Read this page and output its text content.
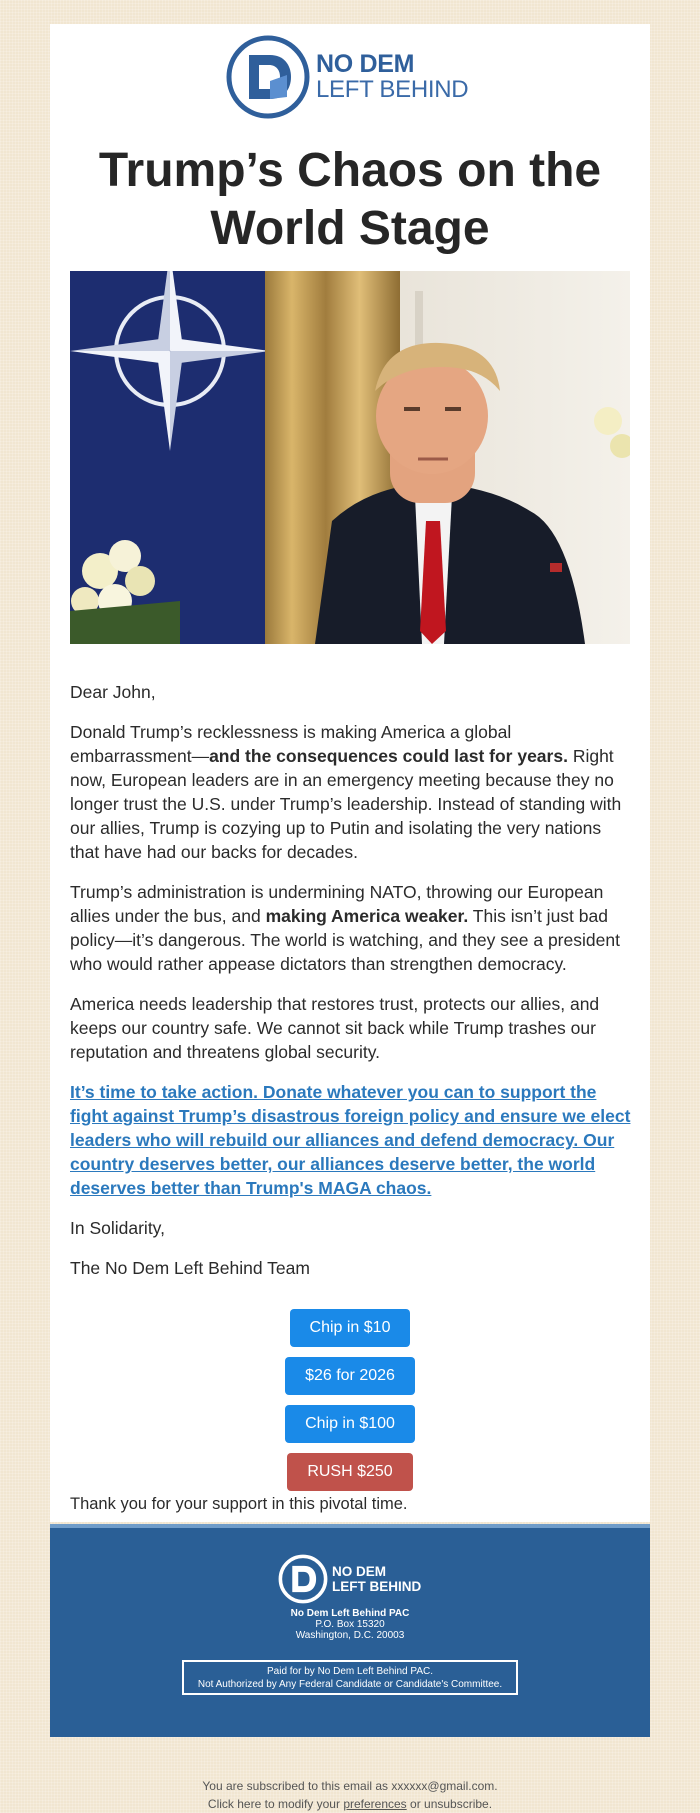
NO DEM
LEFT BEHIND
Trump’s Chaos on the World Stage

Dear John,

Donald Trump’s recklessness is making America a global embarrassment—and the consequences could last for years. Right now, European leaders are in an emergency meeting because they no longer trust the U.S. under Trump’s leadership. Instead of standing with our allies, Trump is cozying up to Putin and isolating the very nations that have had our backs for decades.

Trump’s administration is undermining NATO, throwing our European allies under the bus, and making America weaker. This isn’t just bad policy—it’s dangerous. The world is watching, and they see a president who would rather appease dictators than strengthen democracy.

America needs leadership that restores trust, protects our allies, and keeps our country safe. We cannot sit back while Trump trashes our reputation and threatens global security.

It’s time to take action. Donate whatever you can to support the fight against Trump’s disastrous foreign policy and ensure we elect leaders who will rebuild our alliances and defend democracy. Our country deserves better, our alliances deserve better, the world deserves better than Trump's MAGA chaos.

In Solidarity,

The No Dem Left Behind Team

Chip in $10
$26 for 2026
Chip in $100
RUSH $250
Thank you for your support in this pivotal time.
NO DEM
LEFT BEHIND
No Dem Left Behind PAC
P.O. Box 15320
Washington, D.C. 20003
Paid for by No Dem Left Behind PAC.
Not Authorized by Any Federal Candidate or Candidate's Committee.
You are subscribed to this email as xxxxxx@gmail.com.
Click here to modify your preferences or unsubscribe.
